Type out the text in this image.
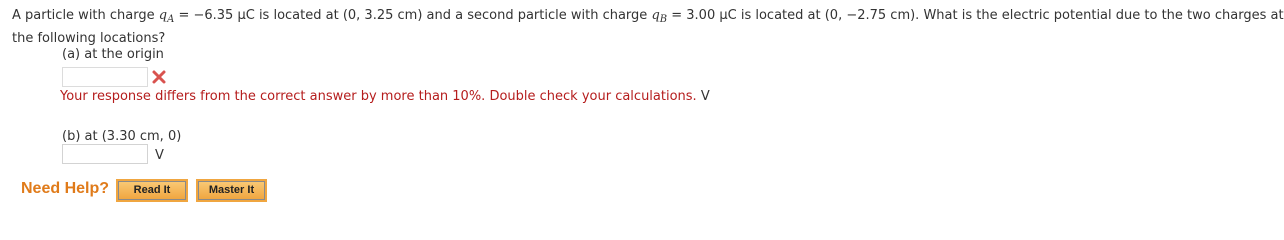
A particle with charge $q_A = -6.35$ μC is located at (0, 3.25 cm) and a second particle with charge $q_B = 3.00$ μC is located at (0, −2.75 cm). What is the electric potential due to the two charges at
the following locations?
(a) at the origin
Your response differs from the correct answer by more than 10%. Double check your calculations. V
(b) at (3.30 cm, 0)
V
Need Help?	Read It	Master It
